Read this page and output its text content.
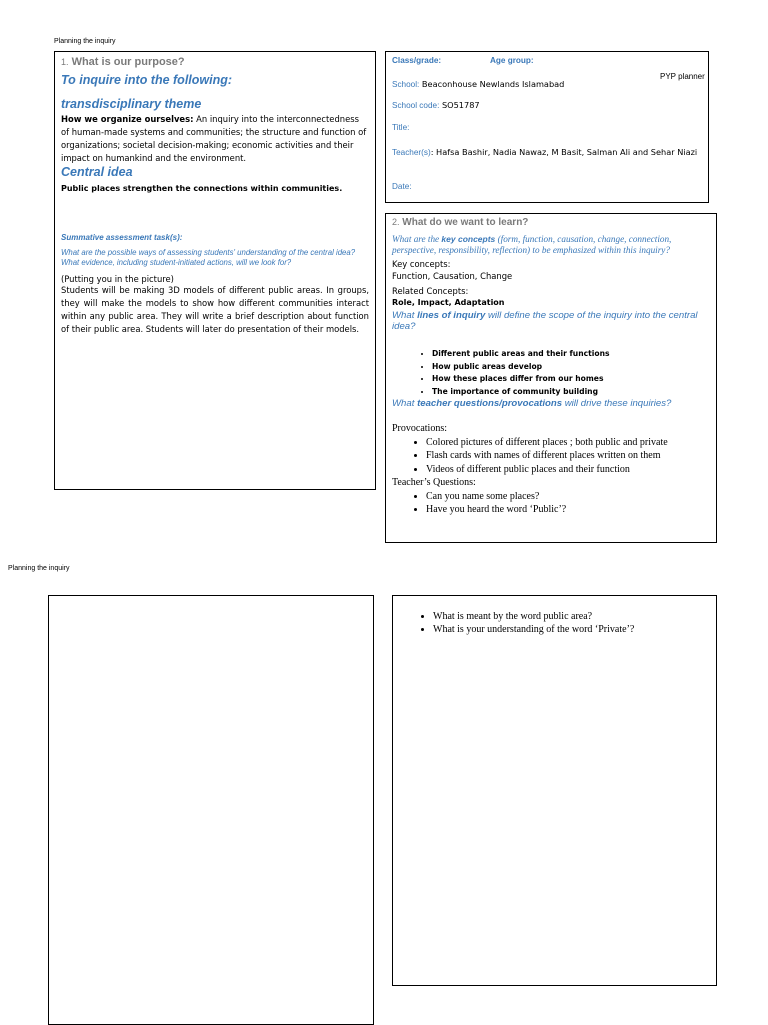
Planning the inquiry
1. What is our purpose?
To inquire into the following:
transdisciplinary theme

How we organize ourselves: An inquiry into the interconnectedness of human-made systems and communities; the structure and function of organizations; societal decision-making; economic activities and their impact on humankind and the environment.

Central idea

Public places strengthen the connections within communities.

Summative assessment task(s):

What are the possible ways of assessing students' understanding of the central idea? What evidence, including student-initiated actions, will we look for?

(Putting you in the picture)

Students will be making 3D models of different public areas. In groups, they will make the models to show how different communities interact within any public area. They will write a brief description about function of their public area. Students will later do presentation of their models.

Class/grade:	Age group:
School: Beaconhouse Newlands Islamabad
School code: SO51787
Title:
Teacher(s): Hafsa Bashir, Nadia Nawaz, M Basit, Salman Ali and Sehar Niazi
Date:
PYP planner
2. What do we want to learn?

What are the key concepts (form, function, causation, change, connection, perspective, responsibility, reflection) to be emphasized within this inquiry?

Key concepts:

Function, Causation, Change

Related Concepts:

Role, Impact, Adaptation

What lines of inquiry will define the scope of the inquiry into the central idea?

• Different public areas and their functions
• How public areas develop
• How these places differ from our homes
• The importance of community building

What teacher questions/provocations will drive these inquiries?

Provocations:

• Colored pictures of different places ; both public and private
• Flash cards with names of different places written on them
• Videos of different public places and their function

Teacher’s Questions:

• Can you name some places?
• Have you heard the word ‘Public’?
Planning the inquiry
• What is meant by the word public area?
• What is your understanding of the word ‘Private’?
